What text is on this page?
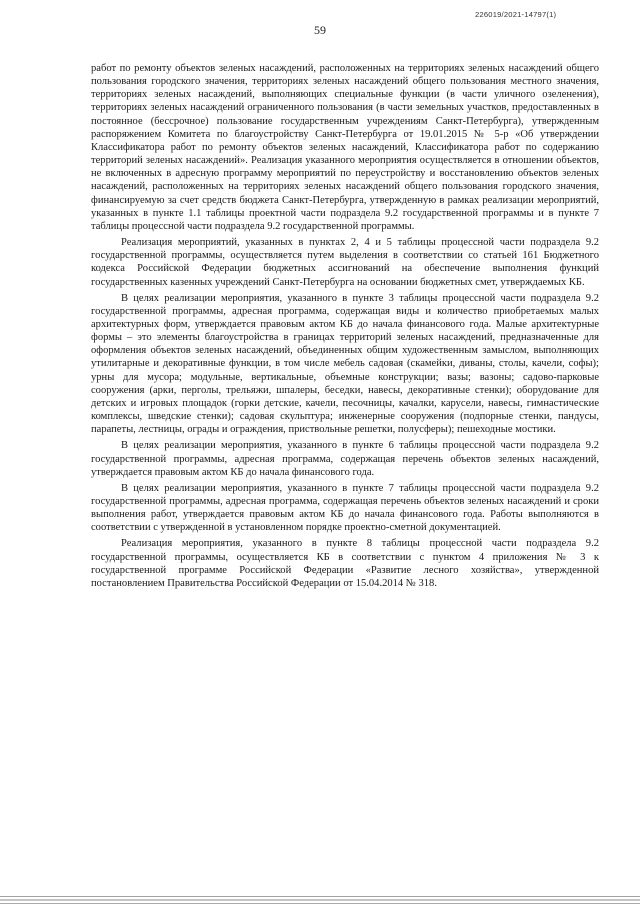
226019/2021-14797(1)
59

работ по ремонту объектов зеленых насаждений, расположенных на территориях зеленых насаждений общего пользования городского значения, территориях зеленых насаждений общего пользования местного значения, территориях зеленых насаждений, выполняющих специальные функции (в части уличного озеленения), территориях зеленых насаждений ограниченного пользования (в части земельных участков, предоставленных в постоянное (бессрочное) пользование государственным учреждениям Санкт-Петербурга), утвержденным распоряжением Комитета по благоустройству Санкт-Петербурга от 19.01.2015 № 5-р «Об утверждении Классификатора работ по ремонту объектов зеленых насаждений, Классификатора работ по содержанию территорий зеленых насаждений». Реализация указанного мероприятия осуществляется в отношении объектов, не включенных в адресную программу мероприятий по переустройству и восстановлению объектов зеленых насаждений, расположенных на территориях зеленых насаждений общего пользования городского значения, финансируемую за счет средств бюджета Санкт-Петербурга, утвержденную в рамках реализации мероприятий, указанных в пункте 1.1 таблицы проектной части подраздела 9.2 государственной программы и в пункте 7 таблицы процессной части подраздела 9.2 государственной программы.

Реализация мероприятий, указанных в пунктах 2, 4 и 5 таблицы процессной части подраздела 9.2 государственной программы, осуществляется путем выделения в соответствии со статьей 161 Бюджетного кодекса Российской Федерации бюджетных ассигнований на обеспечение выполнения функций государственных казенных учреждений Санкт-Петербурга на основании бюджетных смет, утверждаемых КБ.

В целях реализации мероприятия, указанного в пункте 3 таблицы процессной части подраздела 9.2 государственной программы, адресная программа, содержащая виды и количество приобретаемых малых архитектурных форм, утверждается правовым актом КБ до начала финансового года. Малые архитектурные формы – это элементы благоустройства в границах территорий зеленых насаждений, предназначенные для оформления объектов зеленых насаждений, объединенных общим художественным замыслом, выполняющих утилитарные и декоративные функции, в том числе мебель садовая (скамейки, диваны, столы, качели, софы); урны для мусора; модульные, вертикальные, объемные конструкции; вазы; вазоны; садово-парковые сооружения (арки, перголы, трельяжи, шпалеры, беседки, навесы, декоративные стенки); оборудование для детских и игровых площадок (горки детские, качели, песочницы, качалки, карусели, навесы, гимнастические комплексы, шведские стенки); садовая скульптура; инженерные сооружения (подпорные стенки, пандусы, парапеты, лестницы, ограды и ограждения, приствольные решетки, полусферы); пешеходные мостики.

В целях реализации мероприятия, указанного в пункте 6 таблицы процессной части подраздела 9.2 государственной программы, адресная программа, содержащая перечень объектов зеленых насаждений, утверждается правовым актом КБ до начала финансового года.

В целях реализации мероприятия, указанного в пункте 7 таблицы процессной части подраздела 9.2 государственной программы, адресная программа, содержащая перечень объектов зеленых насаждений и сроки выполнения работ, утверждается правовым актом КБ до начала финансового года. Работы выполняются в соответствии с утвержденной в установленном порядке проектно-сметной документацией.

Реализация мероприятия, указанного в пункте 8 таблицы процессной части подраздела 9.2 государственной программы, осуществляется КБ в соответствии с пунктом 4 приложения № 3 к государственной программе Российской Федерации «Развитие лесного хозяйства», утвержденной постановлением Правительства Российской Федерации от 15.04.2014 № 318.
